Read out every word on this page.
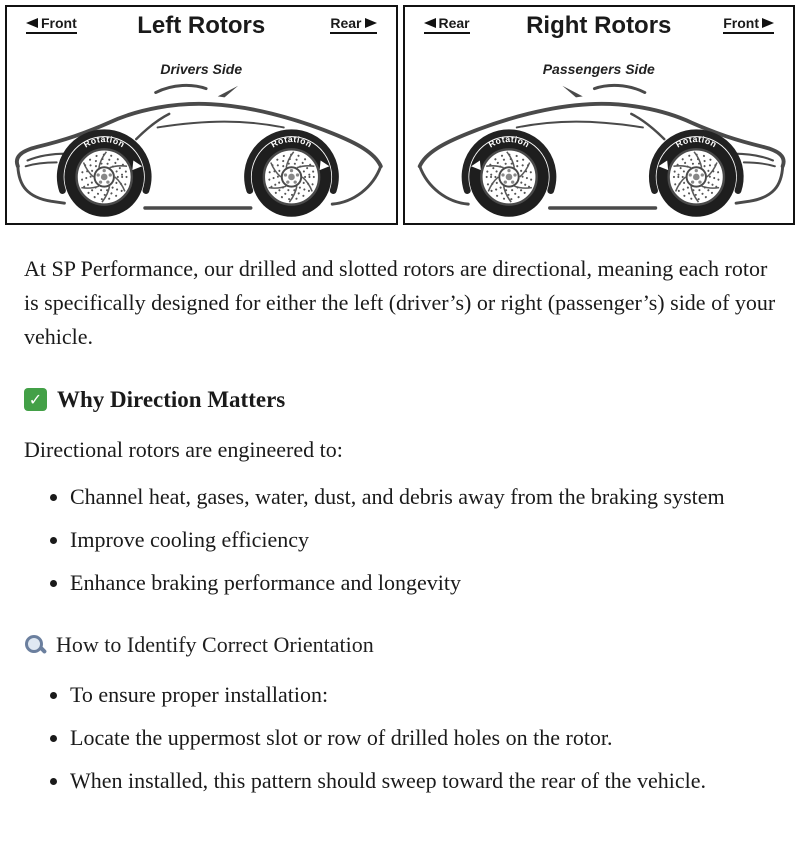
Front	Left Rotors	Rear
Drivers Side
Rotation	Rotation
Rear	Right Rotors	Front
Passengers Side
Rotation
Rotation

At SP Performance, our drilled and slotted rotors are directional, meaning each rotor is specifically designed for either the left (driver’s) or right (passenger’s) side of your vehicle.

✓
Why Direction Matters

Directional rotors are engineered to:

• Channel heat, gases, water, dust, and debris away from the braking system
• Improve cooling efficiency
• Enhance braking performance and longevity
How to Identify Correct Orientation
• To ensure proper installation:
• Locate the uppermost slot or row of drilled holes on the rotor.
• When installed, this pattern should sweep toward the rear of the vehicle.
